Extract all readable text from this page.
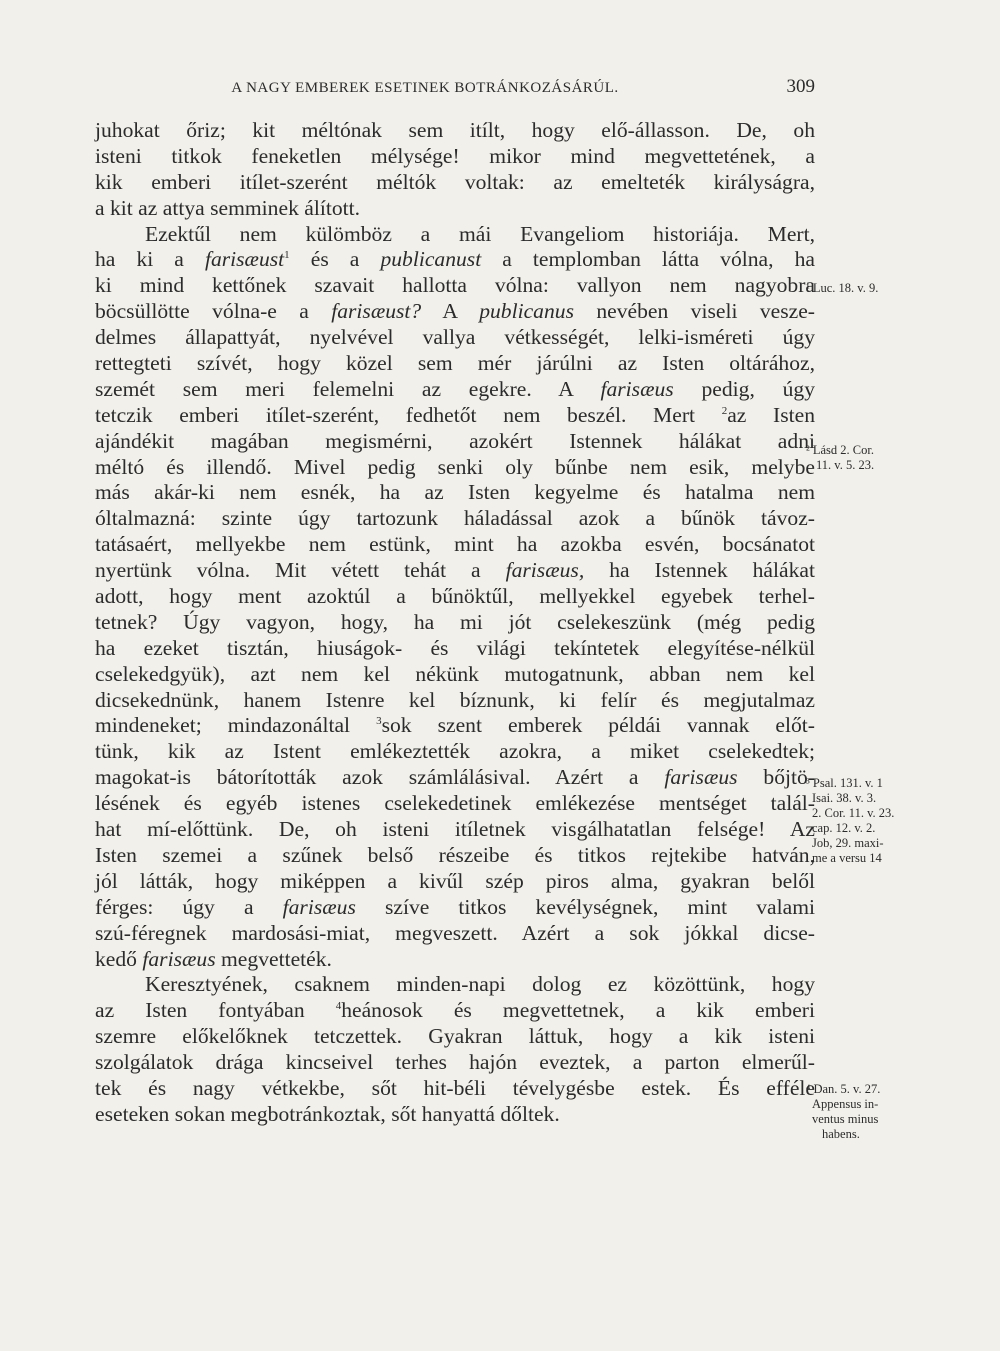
A NAGY EMBEREK ESETINEK BOTRÁNKOZÁSÁRÚL.	309
juhokat őriz; kit méltónak sem itílt, hogy elő-állasson. De, oh
isteni titkok feneketlen mélysége! mikor mind megvettetének, a
kik emberi itílet-szerént méltók voltak: az emelteték királyságra,
a kit az attya semminek álított.
Ezektűl nem külömböz a mái Evangeliom historiája. Mert,
ha ki a farisæust$^1$ és a publicanust a templomban látta vólna, ha
ki mind kettőnek szavait hallotta vólna: vallyon nem nagyobra
böcsüllötte vólna-e a farisæust? A publicanus nevében viseli vesze-
delmes állapattyát, nyelvével vallya vétkességét, lelki-isméreti úgy
rettegteti szívét, hogy közel sem mér járúlni az Isten oltárához,
szemét sem meri felemelni az egekre. A farisæus pedig, úgy
tetczik emberi itílet-szerént, fedhetőt nem beszél. Mert $^2$az Isten
ajándékit magában megismérni, azokért Istennek hálákat adni
méltó és illendő. Mivel pedig senki oly bűnbe nem esik, melybe
más akár-ki nem esnék, ha az Isten kegyelme és hatalma nem
óltalmazná: szinte úgy tartozunk háladással azok a bűnök távoz-
tatásaért, mellyekbe nem estünk, mint ha azokba esvén, bocsánatot
nyertünk vólna. Mit vétett tehát a farisæus, ha Istennek hálákat
adott, hogy ment azoktúl a bűnöktűl, mellyekkel egyebek terhel-
tetnek? Úgy vagyon, hogy, ha mi jót cselekeszünk (még pedig
ha ezeket tisztán, hiuságok- és világi tekíntetek elegyítése-nélkül
cselekedgyük), azt nem kel nékünk mutogatnunk, abban nem kel
dicsekednünk, hanem Istenre kel bíznunk, ki felír és megjutalmaz
mindeneket; mindazonáltal $^3$sok szent emberek példái vannak előt-
tünk, kik az Istent emlékeztették azokra, a miket cselekedtek;
magokat-is bátorították azok számlálásival. Azért a farisæus bőjtö-
lésének és egyéb istenes cselekedetinek emlékezése mentséget talál-
hat mí-előttünk. De, oh isteni itíletnek visgálhatatlan felsége! Az
Isten szemei a szűnek belső részeibe és titkos rejtekibe hatván,
jól látták, hogy miképpen a kivűl szép piros alma, gyakran belől
férges: úgy a farisæus szíve titkos kevélységnek, mint valami
szú-féregnek mardosási-miat, megveszett. Azért a sok jókkal dicse-
kedő farisæus megvetteték.
Keresztyének, csaknem minden-napi dolog ez közöttünk, hogy
az Isten fontyában	$^4$heánosok és megvettetnek, a kik emberi
szemre előkelőknek tetczettek. Gyakran láttuk, hogy a kik isteni
szolgálatok drága kincseivel terhes hajón eveztek, a parton elmerűl-
tek és nagy vétkekbe, sőt hit-béli tévelygésbe estek. És efféle
eseteken sokan megbotránkoztak, sőt hanyattá dőltek.
¹ Luc. 18. v. 9.
² Lásd 2. Cor.
11. v. 5. 23.
³ Psal. 131. v. 1
Isai. 38. v. 3.
2. Cor. 11. v. 23.
cap. 12. v. 2.
Job, 29. maxi-
me a versu 14
⁴ Dan. 5. v. 27.
Appensus in-
ventus minus
habens.
